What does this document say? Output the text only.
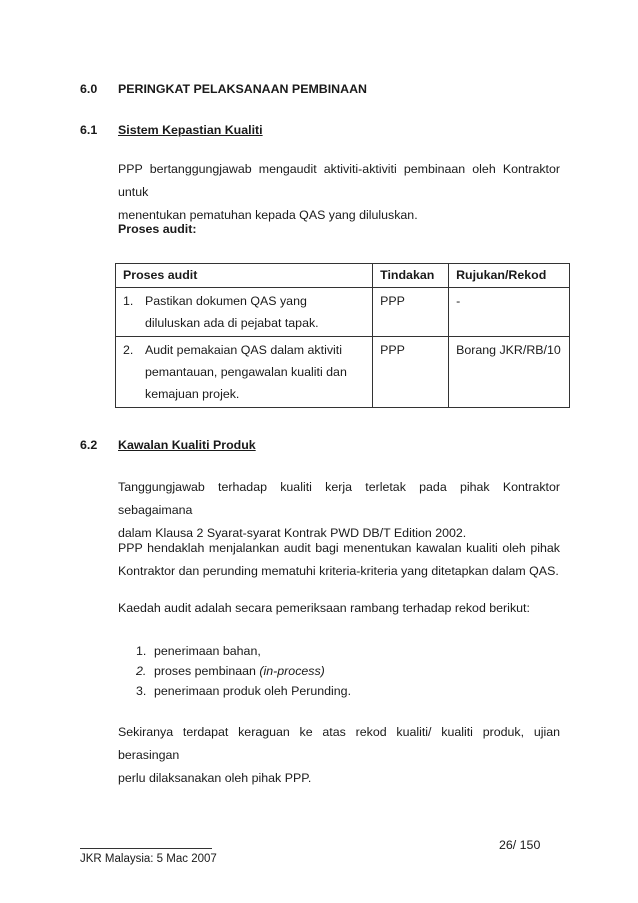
6.0 PERINGKAT PELAKSANAAN PEMBINAAN
6.1 Sistem Kepastian Kualiti
PPP bertanggungjawab mengaudit aktiviti-aktiviti pembinaan oleh Kontraktor untuk
menentukan pematuhan kepada QAS yang diluluskan.
Proses audit:
Proses audit	Tindakan	Rujukan/Rekod

1. Pastikan dokumen QAS yang diluluskan ada di pejabat tapak.	PPP	-

2. Audit pemakaian QAS dalam aktiviti pemantauan, pengawalan kualiti dan kemajuan projek.	PPP	Borang JKR/RB/10
6.2 Kawalan Kualiti Produk
Tanggungjawab terhadap kualiti kerja terletak pada pihak Kontraktor sebagaimana
dalam Klausa 2 Syarat-syarat Kontrak PWD DB/T Edition 2002.
PPP hendaklah menjalankan audit bagi menentukan kawalan kualiti oleh pihak
Kontraktor dan perunding mematuhi kriteria-kriteria yang ditetapkan dalam QAS.
Kaedah audit adalah secara pemeriksaan rambang terhadap rekod berikut:
1. penerimaan bahan,
2. proses pembinaan (in-process)
3. penerimaan produk oleh Perunding.
Sekiranya terdapat keraguan ke atas rekod kualiti/ kualiti produk, ujian berasingan
perlu dilaksanakan oleh pihak PPP.
26/ 150
JKR Malaysia: 5 Mac 2007
